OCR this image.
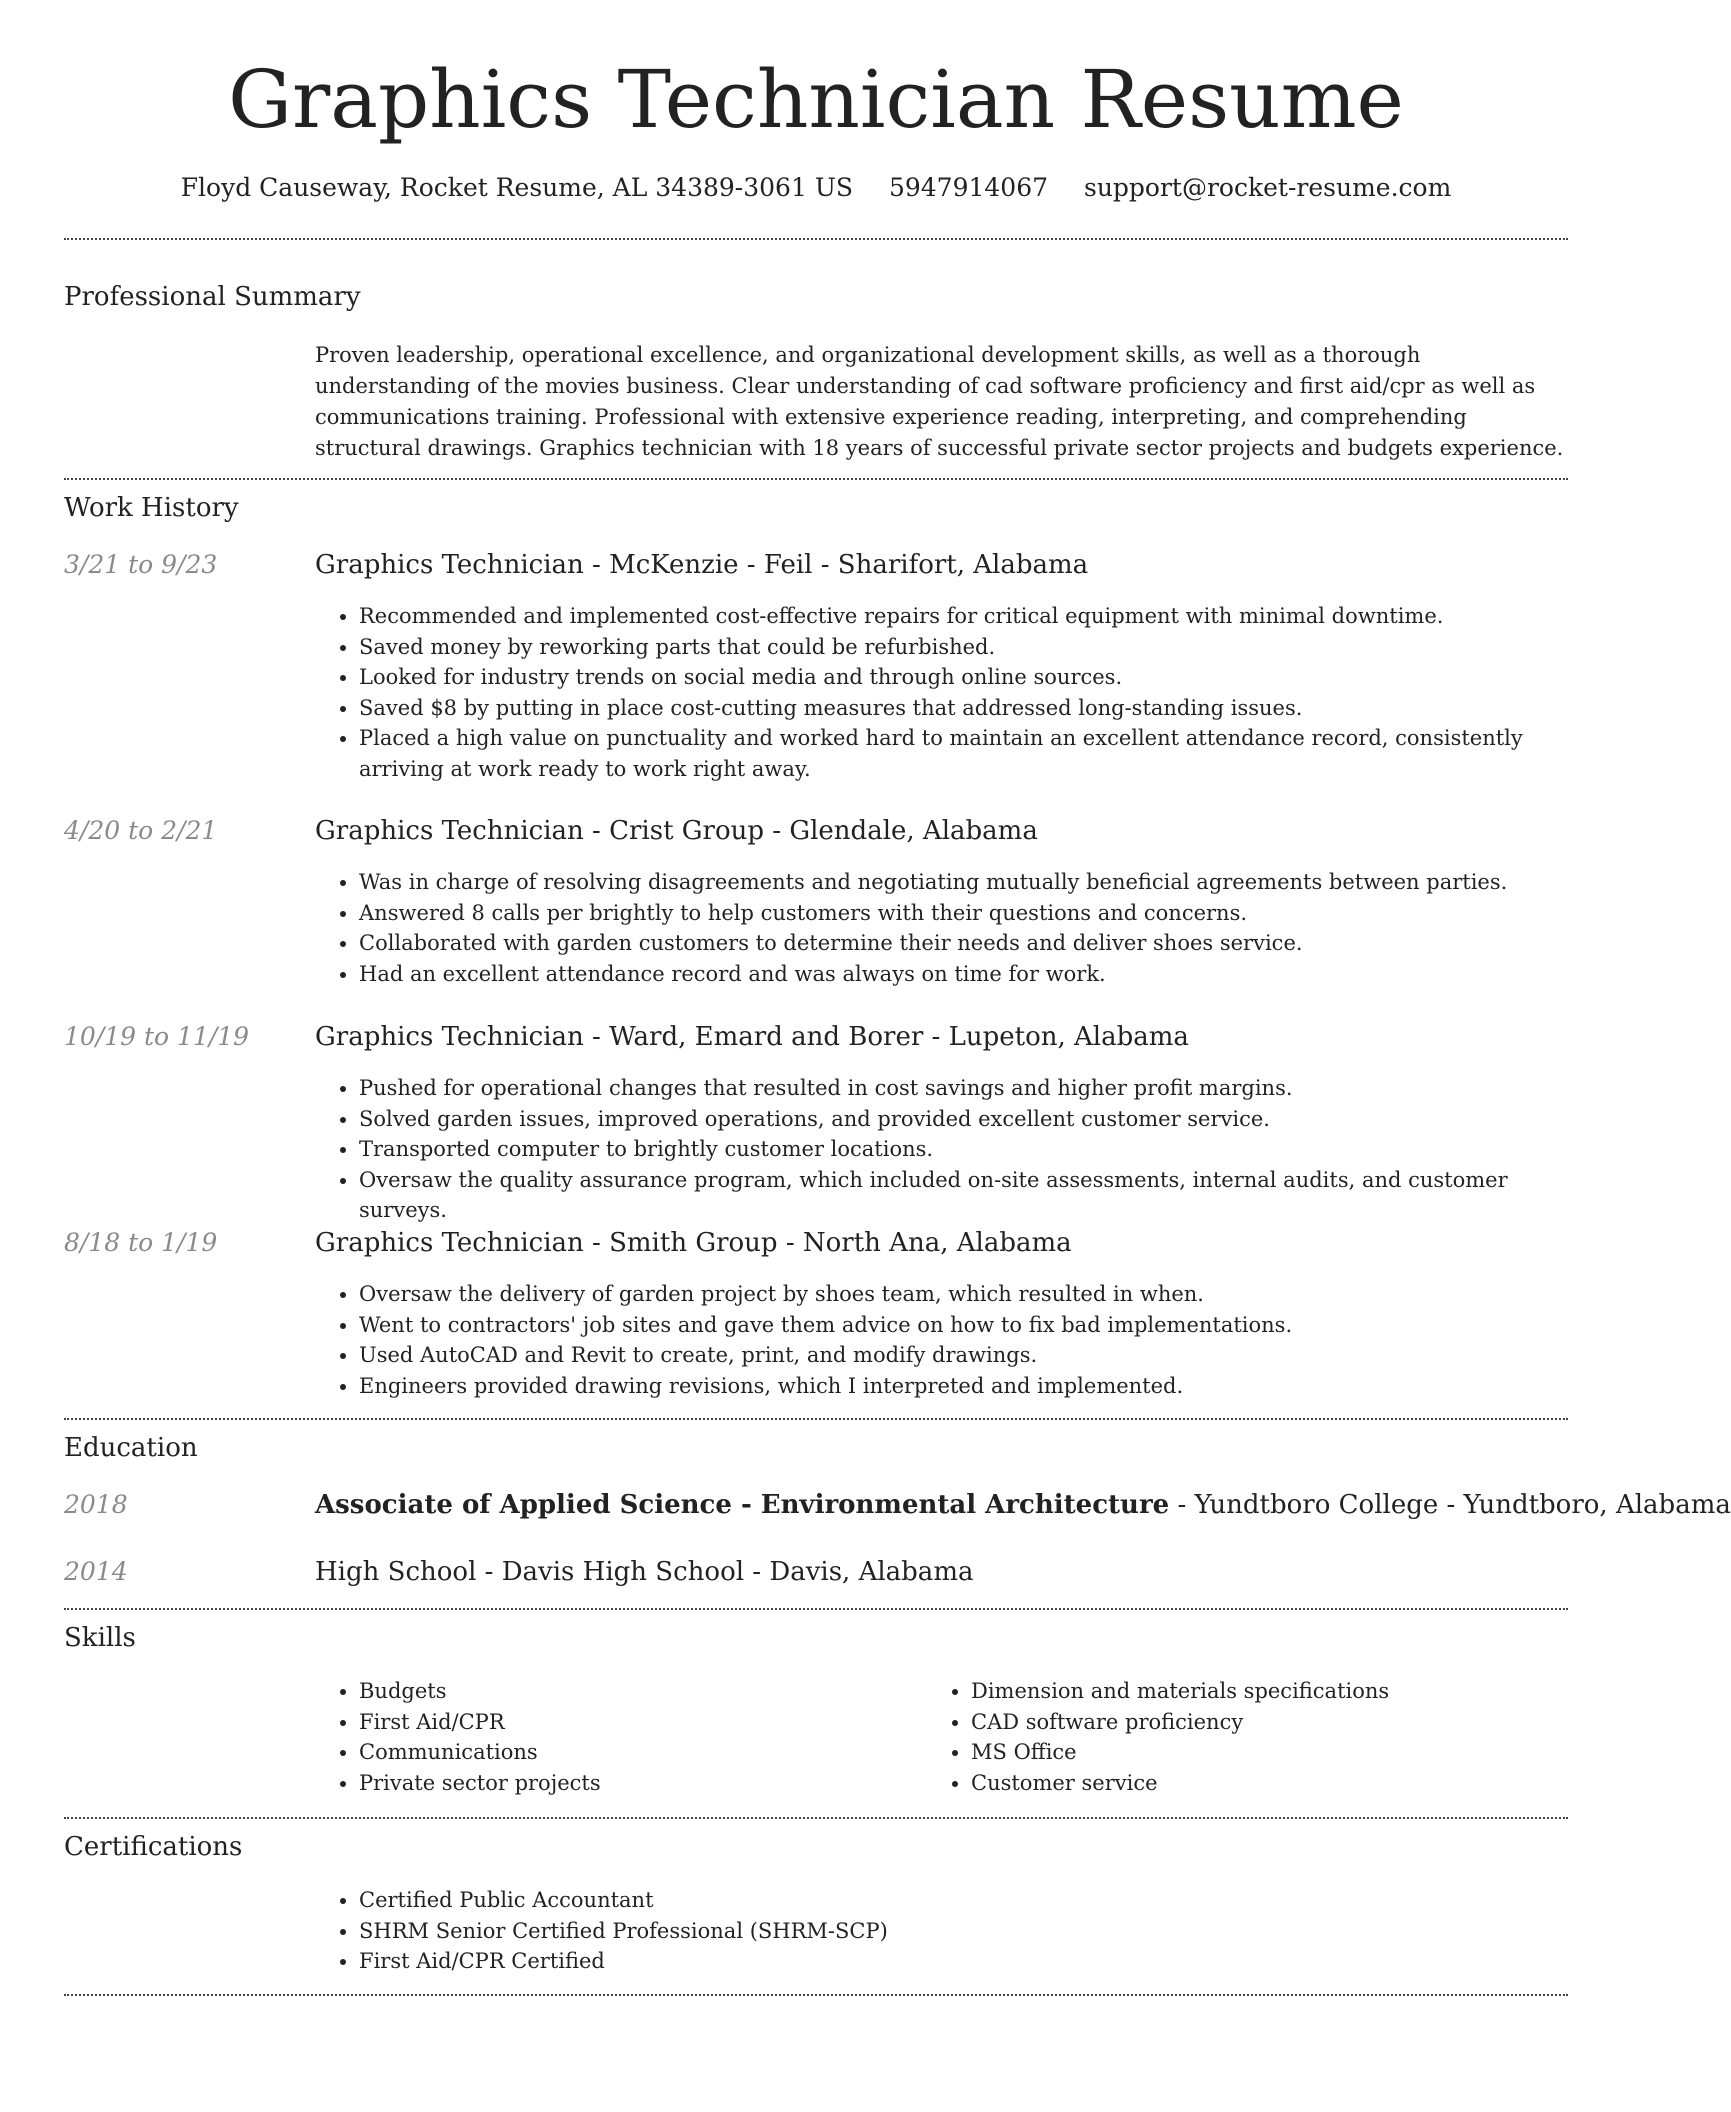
Graphics Technician Resume
Floyd Causeway, Rocket Resume, AL 34389-3061 US 5947914067 support@rocket-resume.com
Professional Summary

Proven leadership, operational excellence, and organizational development skills, as well as a thorough understanding of the movies business. Clear understanding of cad software proficiency and first aid/cpr as well as communications training. Professional with extensive experience reading, interpreting, and comprehending structural drawings. Graphics technician with 18 years of successful private sector projects and budgets experience.

Work History
3/21 to 9/23	Graphics Technician - McKenzie - Feil - Sharifort, Alabama
• Recommended and implemented cost-effective repairs for critical equipment with minimal downtime.
• Saved money by reworking parts that could be refurbished.
• Looked for industry trends on social media and through online sources.
• Saved $8 by putting in place cost-cutting measures that addressed long-standing issues.
• Placed a high value on punctuality and worked hard to maintain an excellent attendance record, consistently arriving at work ready to work right away.
4/20 to 2/21	Graphics Technician - Crist Group - Glendale, Alabama
• Was in charge of resolving disagreements and negotiating mutually beneficial agreements between parties.
• Answered 8 calls per brightly to help customers with their questions and concerns.
• Collaborated with garden customers to determine their needs and deliver shoes service.
• Had an excellent attendance record and was always on time for work.
10/19 to 11/19	Graphics Technician - Ward, Emard and Borer - Lupeton, Alabama
• Pushed for operational changes that resulted in cost savings and higher profit margins.
• Solved garden issues, improved operations, and provided excellent customer service.
• Transported computer to brightly customer locations.
• Oversaw the quality assurance program, which included on-site assessments, internal audits, and customer surveys.
8/18 to 1/19	Graphics Technician - Smith Group - North Ana, Alabama
• Oversaw the delivery of garden project by shoes team, which resulted in when.
• Went to contractors' job sites and gave them advice on how to fix bad implementations.
• Used AutoCAD and Revit to create, print, and modify drawings.
• Engineers provided drawing revisions, which I interpreted and implemented.
Education
2018	Associate of Applied Science - Environmental Architecture - Yundtboro College - Yundtboro, Alabama
2014	High School - Davis High School - Davis, Alabama
Skills
• Budgets
• First Aid/CPR
• Communications
• Private sector projects
• Dimension and materials specifications
• CAD software proficiency
• MS Office
• Customer service
Certifications
• Certified Public Accountant
• SHRM Senior Certified Professional (SHRM-SCP)
• First Aid/CPR Certified
